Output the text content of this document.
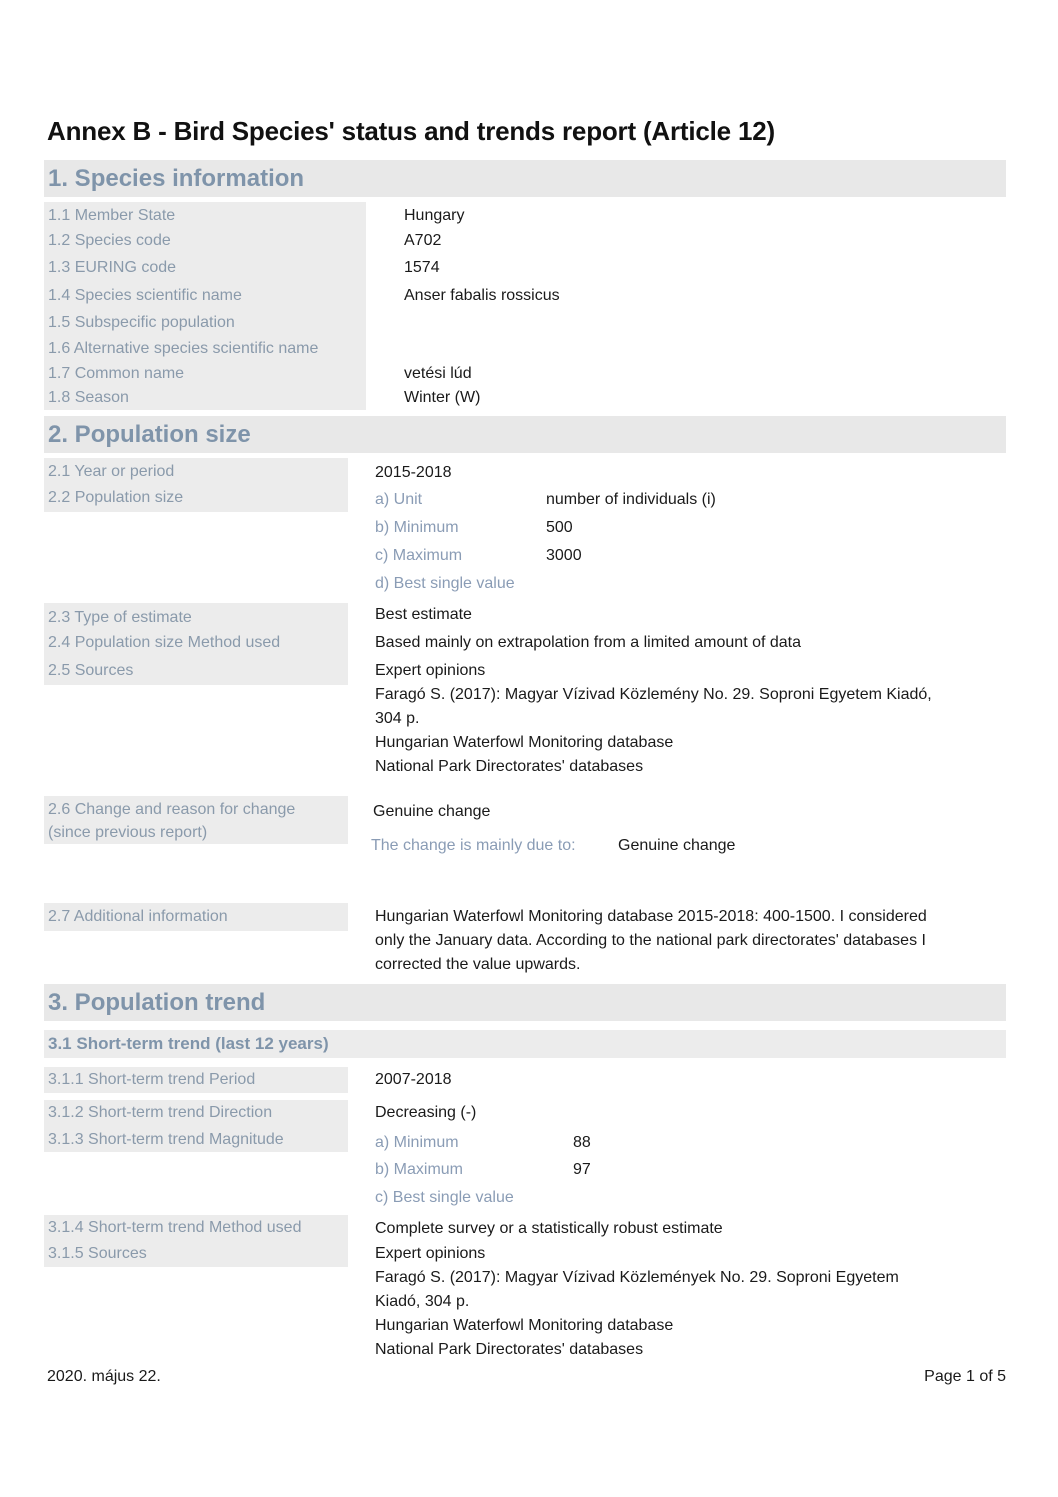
Annex B - Bird Species' status and trends report (Article 12)
1. Species information
1.1 Member State	Hungary
1.2 Species code	A702
1.3 EURING code	1574
1.4 Species scientific name	Anser fabalis rossicus
1.5 Subspecific population
1.6 Alternative species scientific name
1.7 Common name	vetési lúd
1.8 Season	Winter (W)
2. Population size
2.1 Year or period	2015-2018
2.2 Population size	a) Unit	number of individuals (i)
b) Minimum	500
c) Maximum	3000
d) Best single value
2.3 Type of estimate	Best estimate
2.4 Population size Method used	Based mainly on extrapolation from a limited amount of data
2.5 Sources	Expert opinions
Faragó S. (2017): Magyar Vízivad Közlemény No. 29. Soproni Egyetem Kiadó,
304 p.
Hungarian Waterfowl Monitoring database
National Park Directorates' databases
2.6 Change and reason for change
(since previous report)
Genuine change
The change is mainly due to:	Genuine change
2.7 Additional information	Hungarian Waterfowl Monitoring database 2015-2018: 400-1500. I considered
only the January data. According to the national park directorates' databases I
corrected the value upwards.
3. Population trend
3.1 Short-term trend (last 12 years)
3.1.1 Short-term trend Period	2007-2018
3.1.2 Short-term trend Direction	Decreasing (-)
3.1.3 Short-term trend Magnitude	a) Minimum	88
b) Maximum	97
c) Best single value
3.1.4 Short-term trend Method used	Complete survey or a statistically robust estimate
3.1.5 Sources	Expert opinions
Faragó S. (2017): Magyar Vízivad Közlemények No. 29. Soproni Egyetem
Kiadó, 304 p.
Hungarian Waterfowl Monitoring database
National Park Directorates' databases
2020. május 22.	Page 1 of 5
